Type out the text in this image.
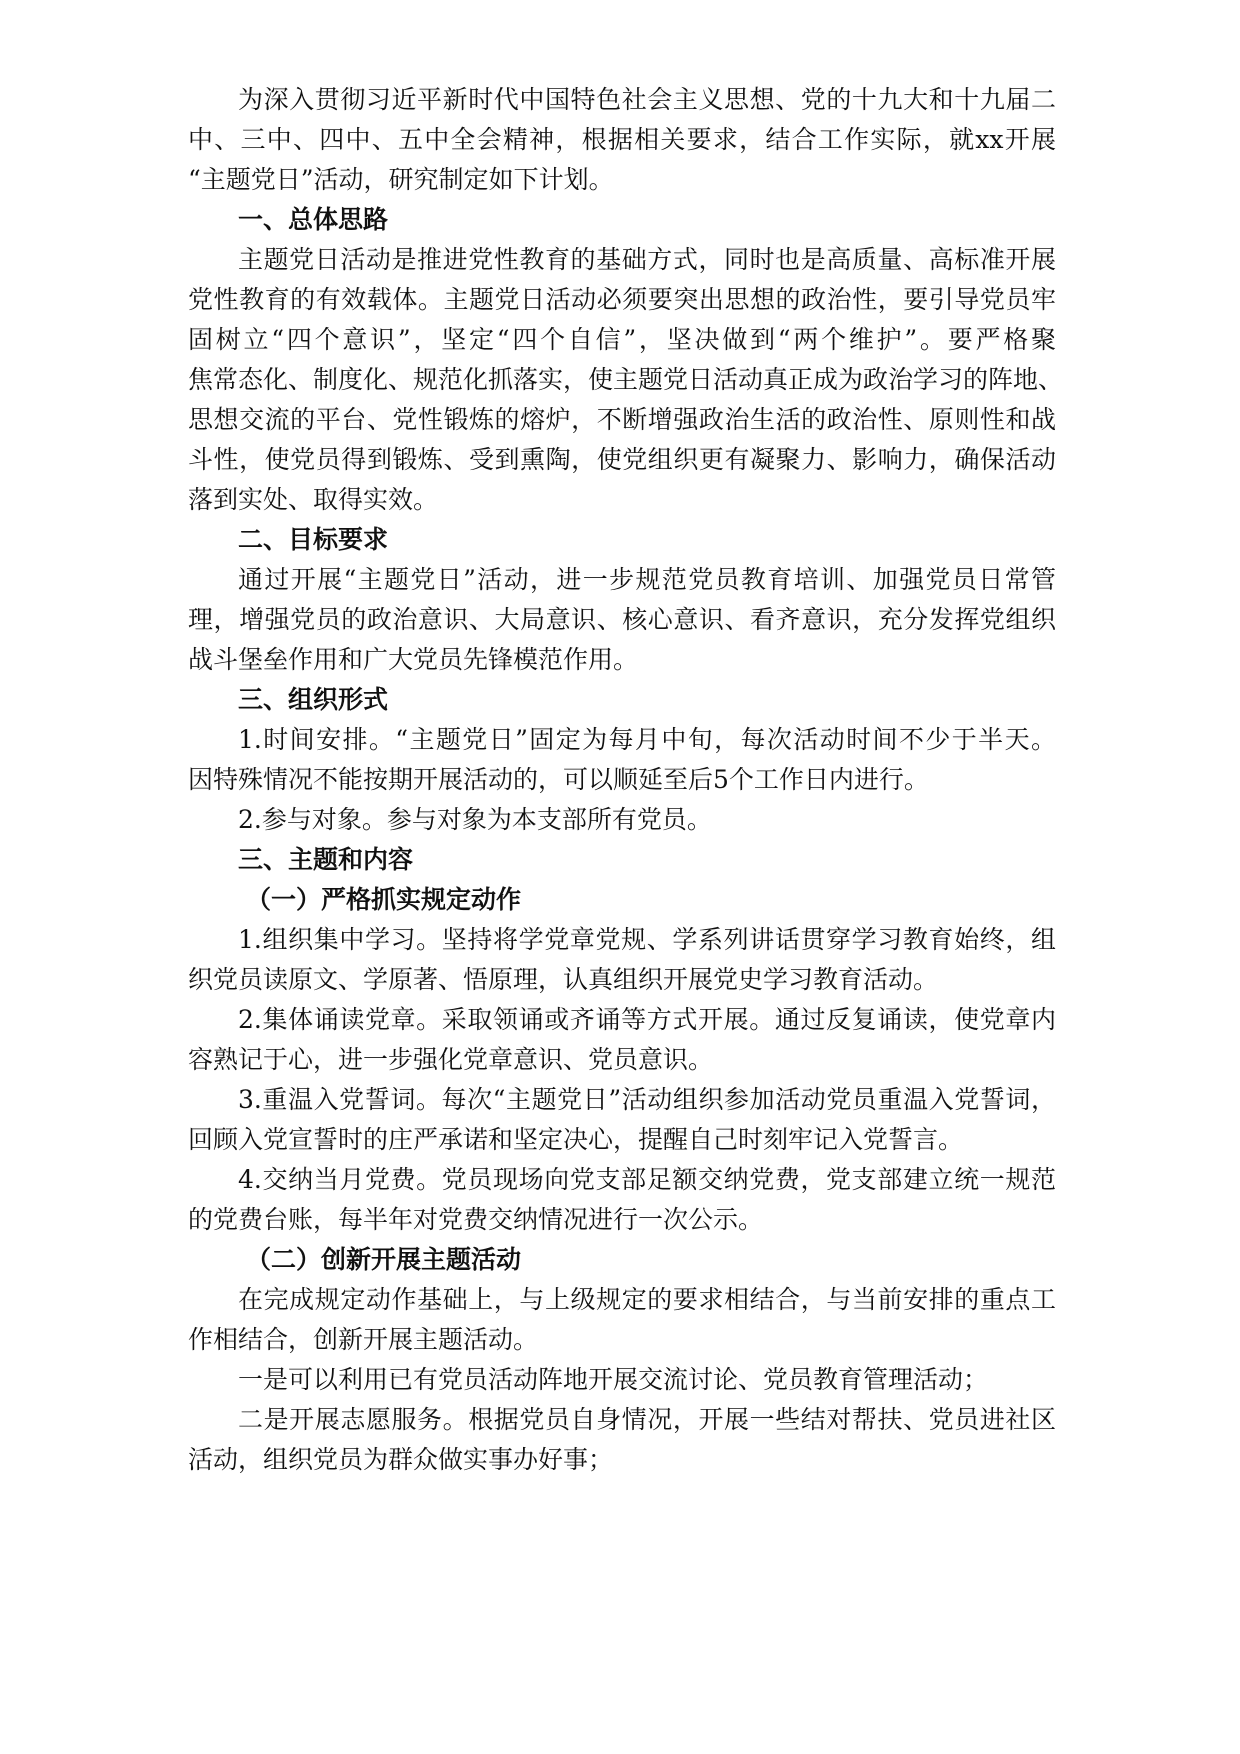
为深入贯彻习近平新时代中国特色社会主义思想、党的十九大和十九届二
中、三中、四中、五中全会精神，根据相关要求，结合工作实际，就xx开展
“主题党日”活动，研究制定如下计划。
一、总体思路
主题党日活动是推进党性教育的基础方式，同时也是高质量、高标准开展
党性教育的有效载体。主题党日活动必须要突出思想的政治性，要引导党员牢
固树立“四个意识”，坚定“四个自信”，坚决做到“两个维护”。要严格聚
焦常态化、制度化、规范化抓落实，使主题党日活动真正成为政治学习的阵地、
思想交流的平台、党性锻炼的熔炉，不断增强政治生活的政治性、原则性和战
斗性，使党员得到锻炼、受到熏陶，使党组织更有凝聚力、影响力，确保活动
落到实处、取得实效。
二、目标要求
通过开展“主题党日”活动，进一步规范党员教育培训、加强党员日常管
理，增强党员的政治意识、大局意识、核心意识、看齐意识，充分发挥党组织
战斗堡垒作用和广大党员先锋模范作用。
三、组织形式
1.时间安排。“主题党日”固定为每月中旬，每次活动时间不少于半天。
因特殊情况不能按期开展活动的，可以顺延至后5个工作日内进行。
2.参与对象。参与对象为本支部所有党员。
三、主题和内容
（一）严格抓实规定动作
1.组织集中学习。坚持将学党章党规、学系列讲话贯穿学习教育始终，组
织党员读原文、学原著、悟原理，认真组织开展党史学习教育活动。
2.集体诵读党章。采取领诵或齐诵等方式开展。通过反复诵读，使党章内
容熟记于心，进一步强化党章意识、党员意识。
3.重温入党誓词。每次“主题党日”活动组织参加活动党员重温入党誓词，
回顾入党宣誓时的庄严承诺和坚定决心，提醒自己时刻牢记入党誓言。
4.交纳当月党费。党员现场向党支部足额交纳党费，党支部建立统一规范
的党费台账，每半年对党费交纳情况进行一次公示。
（二）创新开展主题活动
在完成规定动作基础上，与上级规定的要求相结合，与当前安排的重点工
作相结合，创新开展主题活动。
一是可以利用已有党员活动阵地开展交流讨论、党员教育管理活动；
二是开展志愿服务。根据党员自身情况，开展一些结对帮扶、党员进社区
活动，组织党员为群众做实事办好事；
